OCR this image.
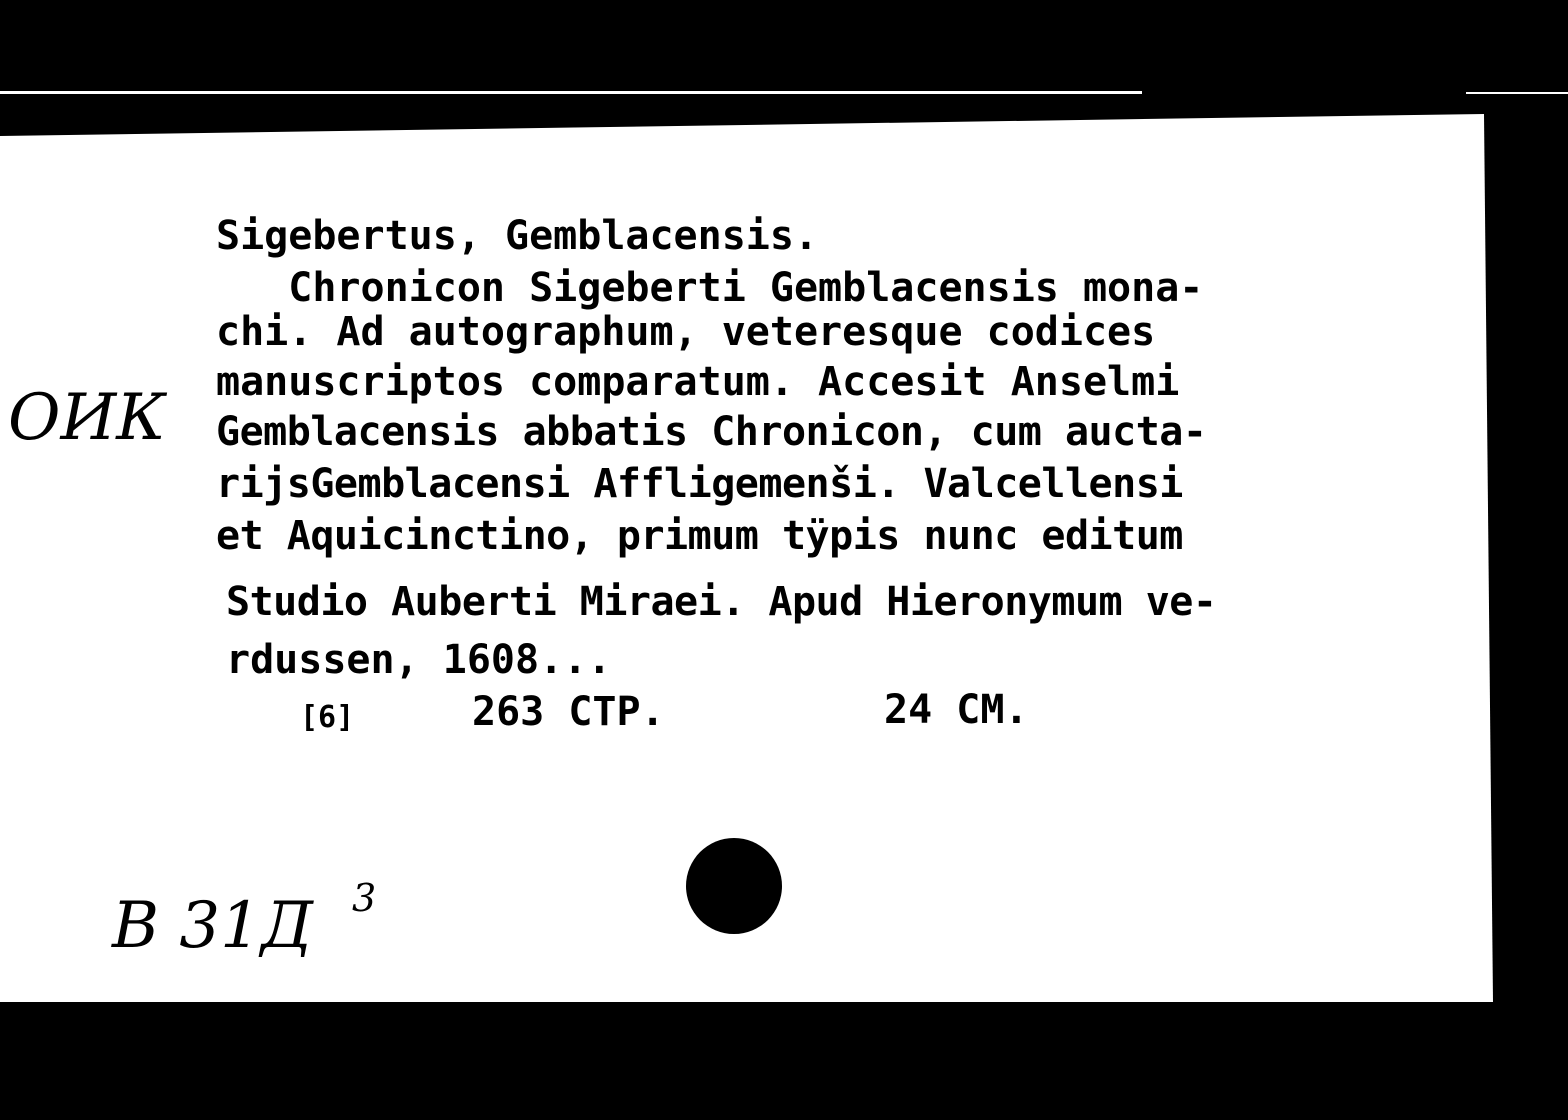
Sigebertus, Gemblacensis.
Chronicon Sigeberti Gemblacensis mona-
chi. Ad autographum, veteresque codices
manuscriptos comparatum. Accesit Anselmi
Gemblacensis abbatis Chronicon, cum aucta-
rijsGemblacensi Affligemenši. Valcellensi
et Aquicinctino, primum tÿpis nunc editum
Studio Auberti Miraei. Apud Hieronymum ve-
rdussen, 1608...
[6]	263 СТР.	24 СМ.
ОИК
В 31Д 3
